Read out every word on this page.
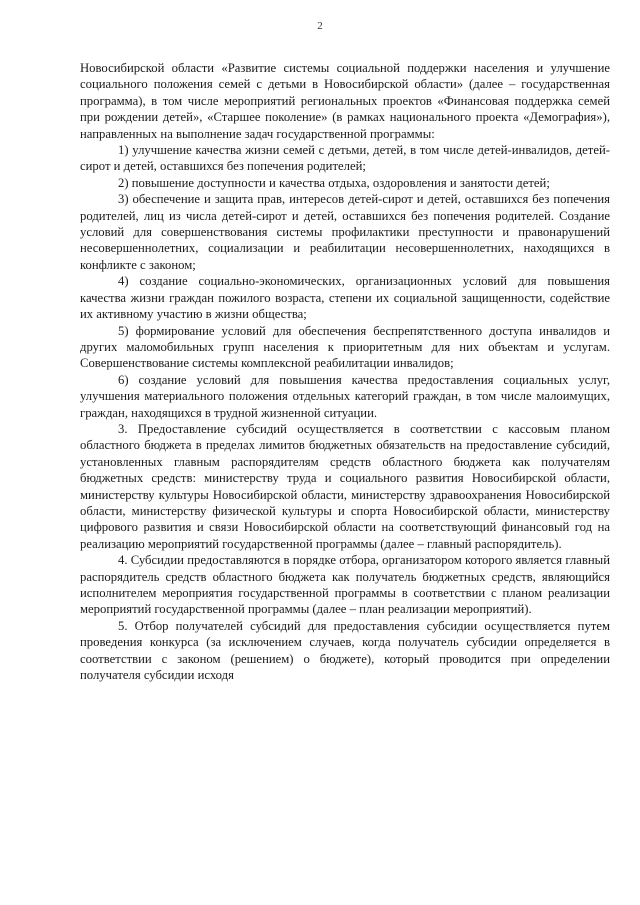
2

Новосибирской области «Развитие системы социальной поддержки населения и улучшение социального положения семей с детьми в Новосибирской области» (далее – государственная программа), в том числе мероприятий региональных проектов «Финансовая поддержка семей при рождении детей», «Старшее поколение» (в рамках национального проекта «Демография»), направленных на выполнение задач государственной программы:

1) улучшение качества жизни семей с детьми, детей, в том числе детей-инвалидов, детей-сирот и детей, оставшихся без попечения родителей;

2) повышение доступности и качества отдыха, оздоровления и занятости детей;

3) обеспечение и защита прав, интересов детей-сирот и детей, оставшихся без попечения родителей, лиц из числа детей-сирот и детей, оставшихся без попечения родителей. Создание условий для совершенствования системы профилактики преступности и правонарушений несовершеннолетних, социализации и реабилитации несовершеннолетних, находящихся в конфликте с законом;

4) создание социально-экономических, организационных условий для повышения качества жизни граждан пожилого возраста, степени их социальной защищенности, содействие их активному участию в жизни общества;

5) формирование условий для обеспечения беспрепятственного доступа инвалидов и других маломобильных групп населения к приоритетным для них объектам и услугам. Совершенствование системы комплексной реабилитации инвалидов;

6) создание условий для повышения качества предоставления социальных услуг, улучшения материального положения отдельных категорий граждан, в том числе малоимущих, граждан, находящихся в трудной жизненной ситуации.

3. Предоставление субсидий осуществляется в соответствии с кассовым планом областного бюджета в пределах лимитов бюджетных обязательств на предоставление субсидий, установленных главным распорядителям средств областного бюджета как получателям бюджетных средств: министерству труда и социального развития Новосибирской области, министерству культуры Новосибирской области, министерству здравоохранения Новосибирской области, министерству физической культуры и спорта Новосибирской области, министерству цифрового развития и связи Новосибирской области на соответствующий финансовый год на реализацию мероприятий государственной программы (далее – главный распорядитель).

4. Субсидии предоставляются в порядке отбора, организатором которого является главный распорядитель средств областного бюджета как получатель бюджетных средств, являющийся исполнителем мероприятия государственной программы в соответствии с планом реализации мероприятий государственной программы (далее – план реализации мероприятий).

5. Отбор получателей субсидий для предоставления субсидии осуществляется путем проведения конкурса (за исключением случаев, когда получатель субсидии определяется в соответствии с законом (решением) о бюджете), который проводится при определении получателя субсидии исходя
